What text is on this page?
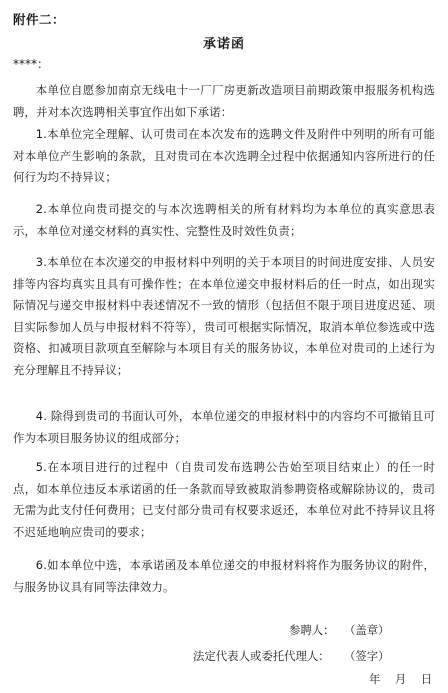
附件二：
承诺函
****：
本单位自愿参加南京无线电十一厂厂房更新改造项目前期政策申报服务机构选聘，并对本次选聘相关事宜作出如下承诺：
1.本单位完全理解、认可贵司在本次发布的选聘文件及附件中列明的所有可能对本单位产生影响的条款，且对贵司在本次选聘全过程中依据通知内容所进行的任何行为均不持异议；
2.本单位向贵司提交的与本次选聘相关的所有材料均为本单位的真实意思表示，本单位对递交材料的真实性、完整性及时效性负责；
3.本单位在本次递交的申报材料中列明的关于本项目的时间进度安排、人员安排等内容均真实且具有可操作性；在本单位递交申报材料后的任一时点，如出现实际情况与递交申报材料中表述情况不一致的情形（包括但不限于项目进度迟延、项目实际参加人员与申报材料不符等），贵司可根据实际情况，取消本单位参选或中选资格、扣减项目款项直至解除与本项目有关的服务协议，本单位对贵司的上述行为充分理解且不持异议；
4. 除得到贵司的书面认可外，本单位递交的申报材料中的内容均不可撤销且可作为本项目服务协议的组成部分；
5.在本项目进行的过程中（自贵司发布选聘公告始至项目结束止）的任一时点，如本单位违反本承诺函的任一条款而导致被取消参聘资格或解除协议的，贵司无需为此支付任何费用；已支付部分贵司有权要求返还，本单位对此不持异议且将不迟延地响应贵司的要求；
6.如本单位中选，本承诺函及本单位递交的申报材料将作为服务协议的附件，与服务协议具有同等法律效力。
参聘人： （盖章）
法定代表人或委托代理人： （签字）
年    月    日
